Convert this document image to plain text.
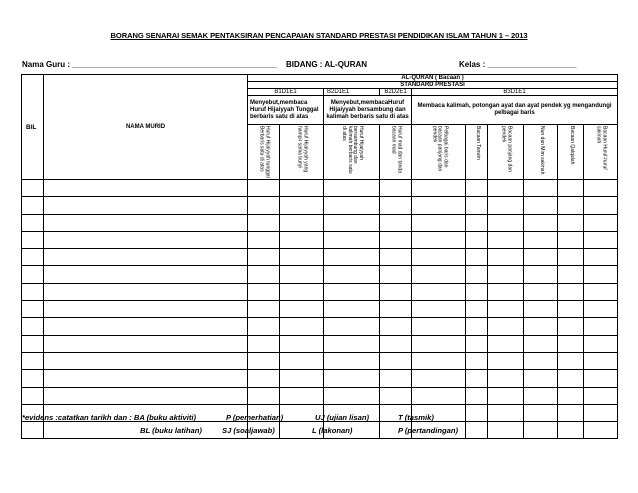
BORANG SENARAI SEMAK PENTAKSIRAN PENCAPAIAN STANDARD PRESTASI PENDIDIKAN ISLAM TAHUN 1 – 2013
Nama Guru : ______________________________________________ BIDANG : AL-QURAN	Kelas : ____________________
BIL	NAMA MURID	AL-QURAN ( Bacaan )									
		STANDARD PRESTASI									
		B1D1E1		B2D1E1	B2D2E1	B3D1E1					
		Menyebut,membaca Huruf Hijaiyyah Tunggal berbaris satu di atas		Menyebut,membacaHuruf Hijaiyyah bersambung dan kalimah berbaris satu di atas		Membaca kalimah, potongan ayat dan ayat pendek yg mengandungi pelbagai baris					

		Huruf Hijaiyyah tunggal Berbaris satu di atas	Huruf Hijaiyyah yang hampir sama bunyi	Huruf Hijaiyyah bersambung dan kalimah berbaris satu di atas	Huruf mad dan tanda bacaan mad	Pelbagai baris dan bacaan panjang dan pendek	Bacaan Tanwin	Bacaan panjang dan pendek	Nun dan Mim sakinah	Bacaan Qalqalah	Bacaan Huruf-huruf sakinah

*evidens :catatkan tarikh dan : BA (buku aktiviti)	P (pemerhatian)	UJ (ujian lisan)	T (tasmik)
BL (buku latihan)	SJ (soaljawab)	L (lakonan)	P (pertandingan)
